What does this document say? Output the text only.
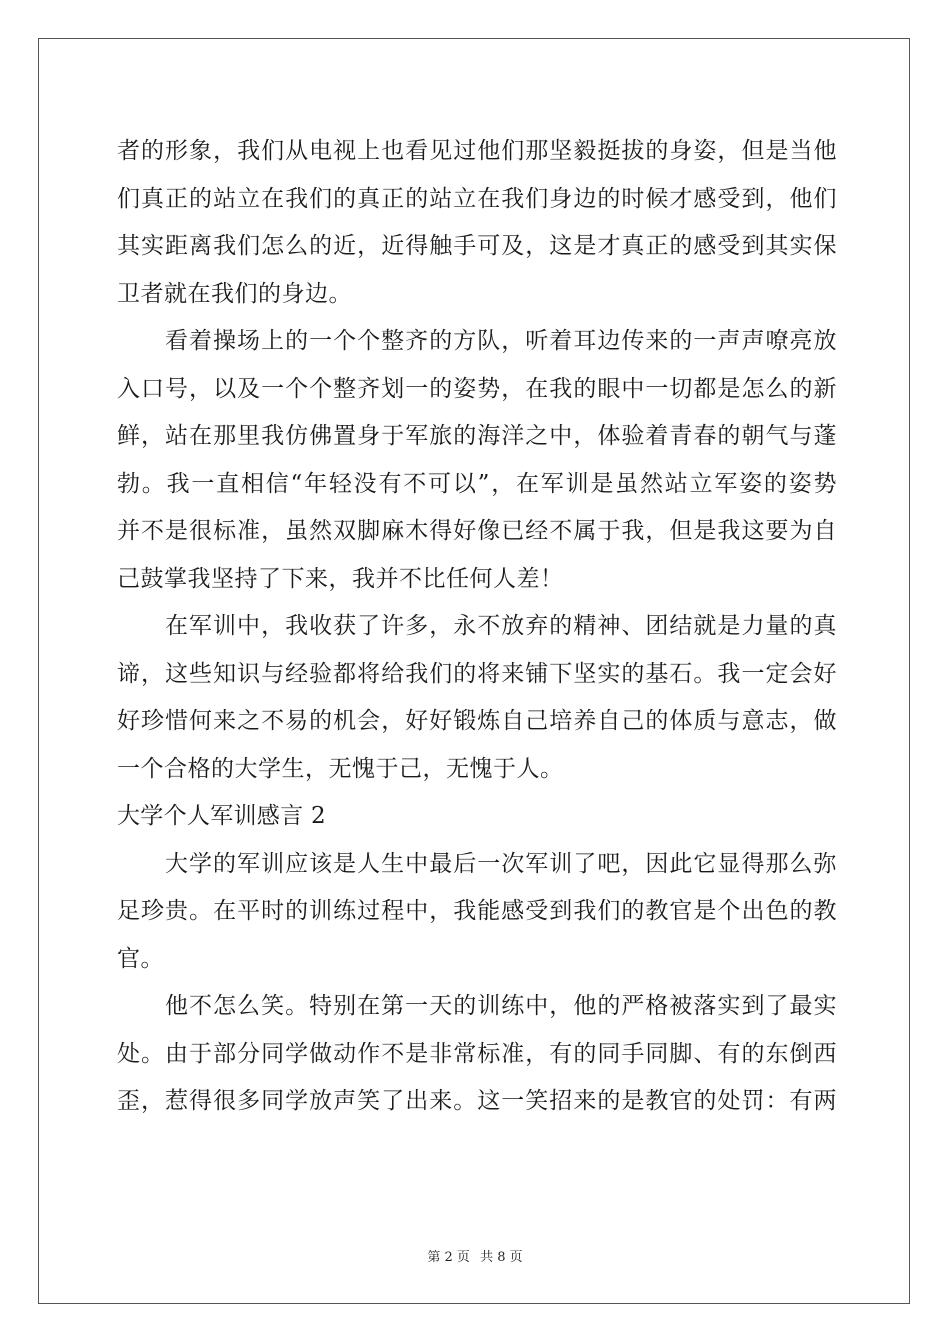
者的形象，我们从电视上也看见过他们那坚毅挺拔的身姿，但是当他
们真正的站立在我们的真正的站立在我们身边的时候才感受到，他们
其实距离我们怎么的近，近得触手可及，这是才真正的感受到其实保
卫者就在我们的身边。
看着操场上的一个个整齐的方队，听着耳边传来的一声声嘹亮放
入口号，以及一个个整齐划一的姿势，在我的眼中一切都是怎么的新
鲜，站在那里我仿佛置身于军旅的海洋之中，体验着青春的朝气与蓬
勃。我一直相信“年轻没有不可以”，在军训是虽然站立军姿的姿势
并不是很标准，虽然双脚麻木得好像已经不属于我，但是我这要为自
己鼓掌我坚持了下来，我并不比任何人差！
在军训中，我收获了许多，永不放弃的精神、团结就是力量的真
谛，这些知识与经验都将给我们的将来铺下坚实的基石。我一定会好
好珍惜何来之不易的机会，好好锻炼自己培养自己的体质与意志，做
一个合格的大学生，无愧于己，无愧于人。
大学个人军训感言 2
大学的军训应该是人生中最后一次军训了吧，因此它显得那么弥
足珍贵。在平时的训练过程中，我能感受到我们的教官是个出色的教
官。
他不怎么笑。特别在第一天的训练中，他的严格被落实到了最实
处。由于部分同学做动作不是非常标准，有的同手同脚、有的东倒西
歪，惹得很多同学放声笑了出来。这一笑招来的是教官的处罚：有两
第 2 页 共 8 页
